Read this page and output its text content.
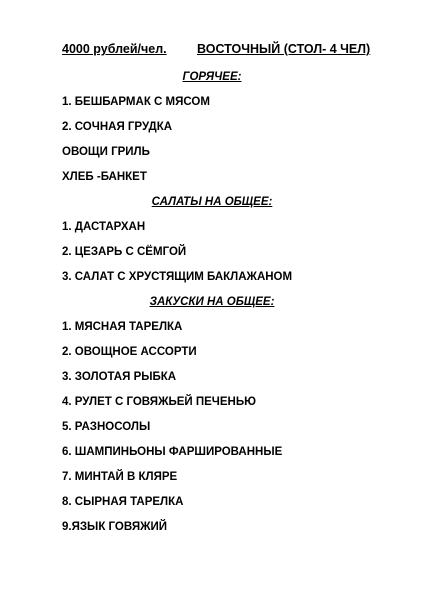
4000 рублей/чел. ВОСТОЧНЫЙ (СТОЛ- 4 ЧЕЛ)
ГОРЯЧЕЕ:
1. БЕШБАРМАК С МЯСОМ
2. СОЧНАЯ ГРУДКА
ОВОЩИ ГРИЛЬ
ХЛЕБ -БАНКЕТ
САЛАТЫ НА ОБЩЕЕ:
1. ДАСТАРХАН
2. ЦЕЗАРЬ С СЁМГОЙ
3. САЛАТ С ХРУСТЯЩИМ БАКЛАЖАНОМ
ЗАКУСКИ НА ОБЩЕЕ:
1. МЯСНАЯ ТАРЕЛКА
2. ОВОЩНОЕ АССОРТИ
3. ЗОЛОТАЯ РЫБКА
4. РУЛЕТ С ГОВЯЖЬЕЙ ПЕЧЕНЬЮ
5. РАЗНОСОЛЫ
6. ШАМПИНЬОНЫ ФАРШИРОВАННЫЕ
7. МИНТАЙ В КЛЯРЕ
8. СЫРНАЯ ТАРЕЛКА
9.ЯЗЫК ГОВЯЖИЙ
